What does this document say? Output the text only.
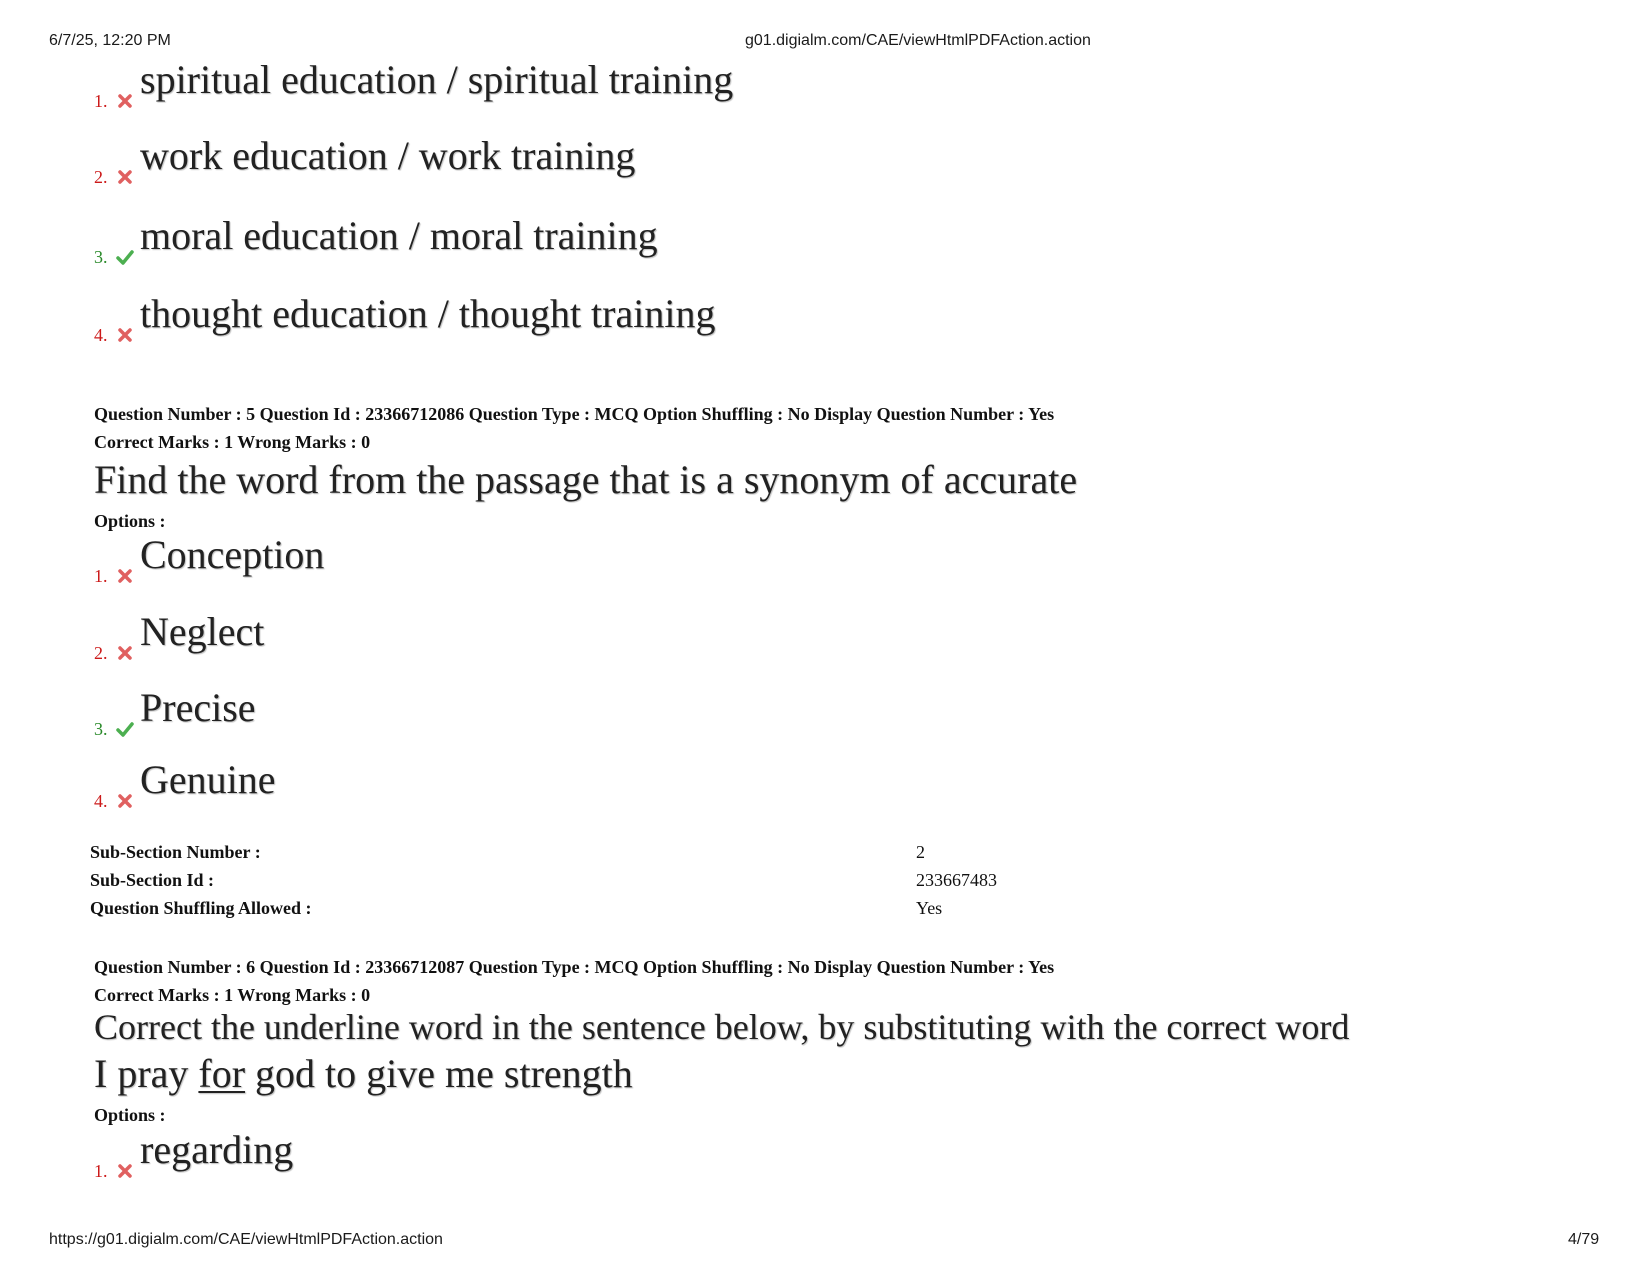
6/7/25, 12:20 PM	g01.digialm.com/CAE/viewHtmlPDFAction.action
1. spiritual education / spiritual training
2. work education / work training
3. moral education / moral training
4. thought education / thought training
Question Number : 5 Question Id : 23366712086 Question Type : MCQ Option Shuffling : No Display Question Number : Yes
Correct Marks : 1 Wrong Marks : 0
Find the word from the passage that is a synonym of accurate
Options :
1. Conception
2. Neglect
3. Precise
4. Genuine
Sub-Section Number :	2
Sub-Section Id :	233667483
Question Shuffling Allowed :	Yes
Question Number : 6 Question Id : 23366712087 Question Type : MCQ Option Shuffling : No Display Question Number : Yes
Correct Marks : 1 Wrong Marks : 0
Correct the underline word in the sentence below, by substituting with the correct word
I pray for god to give me strength
Options :
1. regarding
https://g01.digialm.com/CAE/viewHtmlPDFAction.action	4/79
